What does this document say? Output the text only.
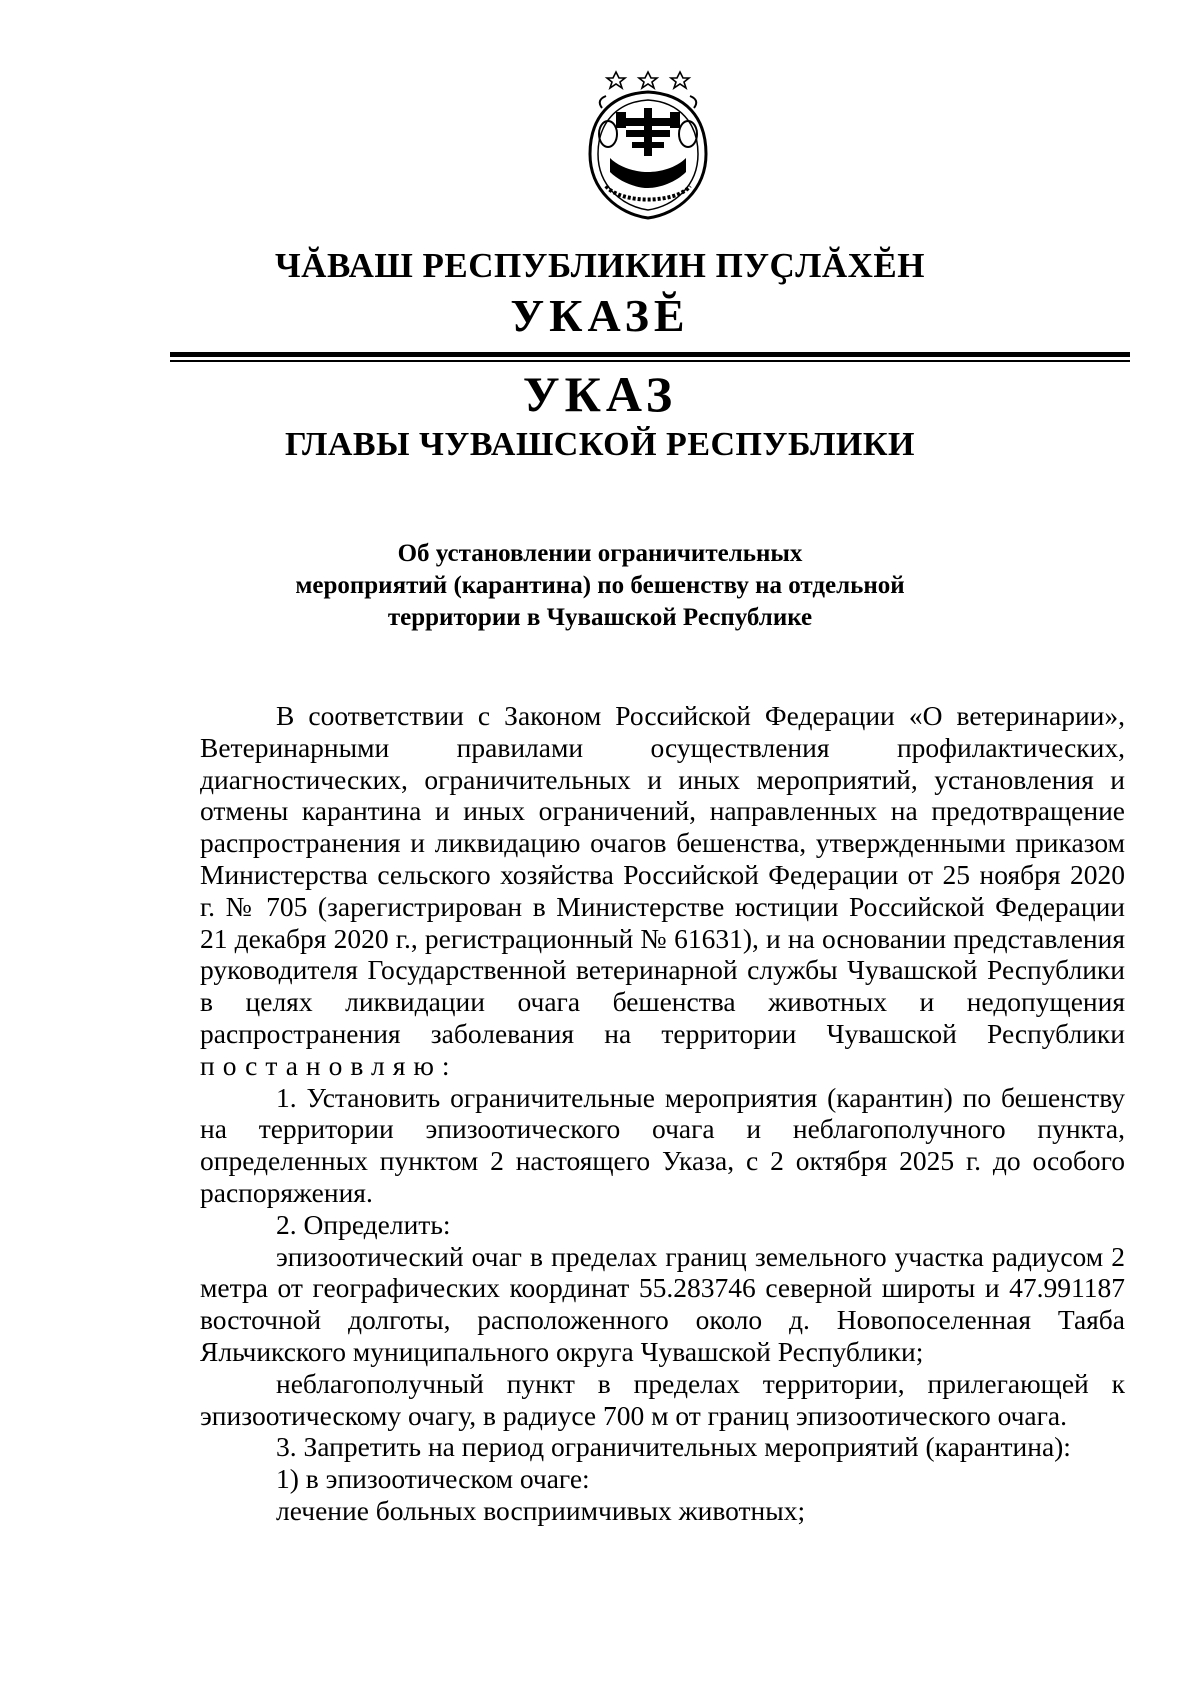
ЧĂВАШ РЕСПУБЛИКИН ПУҪЛĂХĔН
УКАЗĔ
УКАЗ
ГЛАВЫ ЧУВАШСКОЙ РЕСПУБЛИКИ
Об установлении ограничительных
мероприятий (карантина) по бешенству на отдельной
территории в Чувашской Республике

В соответствии с Законом Российской Федерации «О ветеринарии», Ветеринарными правилами осуществления профилактических, диагностических, ограничительных и иных мероприятий, установления и отмены карантина и иных ограничений, направленных на предотвращение распространения и ликвидацию очагов бешенства, утвержденными приказом Министерства сельского хозяйства Российской Федерации от 25 ноября 2020 г. № 705 (зарегистрирован в Министерстве юстиции Российской Федерации 21 декабря 2020 г., регистрационный № 61631), и на основании представления руководителя Государственной ветеринарной службы Чувашской Республики в целях ликвидации очага бешенства животных и недопущения распространения заболевания на территории Чувашской Республики постановляю:

1. Установить ограничительные мероприятия (карантин) по бешенству на территории эпизоотического очага и неблагополучного пункта, определенных пунктом 2 настоящего Указа, с 2 октября 2025 г. до особого распоряжения.

2. Определить:

эпизоотический очаг в пределах границ земельного участка радиусом 2 метра от географических координат 55.283746 северной широты и 47.991187 восточной долготы, расположенного около д. Новопоселенная Таяба Яльчикского муниципального округа Чувашской Республики;

неблагополучный пункт в пределах территории, прилегающей к эпизоотическому очагу, в радиусе 700 м от границ эпизоотического очага.

3. Запретить на период ограничительных мероприятий (карантина):

1) в эпизоотическом очаге:

лечение больных восприимчивых животных;
